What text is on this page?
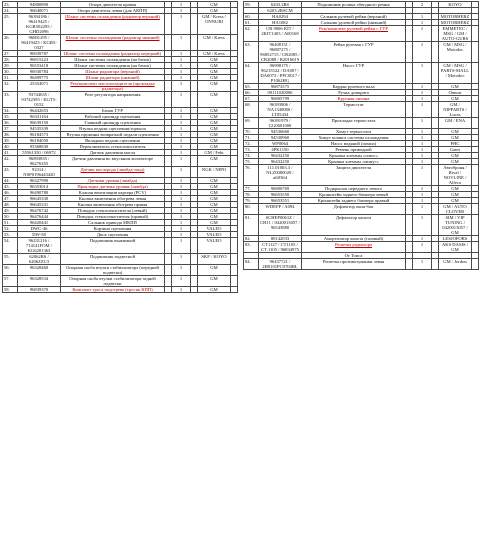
23.	94800890	Опора двигателя правая		1		GM	
24.	96640071	Опора двигателя левая (для АКПП)		1		GM	
25.	96394186 / 96419425 / KGR502295 / GHD2096	Шланг системы охлаждения (радиатор верхний)		1		GM / Kress / ONNURI	
26.	96801295 / 96419425 / KGR5-0327	Шланг системы охлаждения (радиатор нижний)		1		GM / Kress	
27.	96939787	Шланг системы охлаждения (радиатор передний)		1		GM / Kress	
28.	96815223	Шланг системы охлаждения (на бачок)		1		GM	
29.	96553418	Шланг системы охлаждения (на бачок)		1		GM	
30.	96930784	Шланг радиатора (верхний)		1		GM	
31.	96499775	Шланг радиатора (нижний)		1		GM	
32.	25354071	Рем/комплект маслоохладителя (прокладка радиатора)		1		GM	
33.	93744635 / 93742395 / KGT5-0152	Реле регулятора напряжения		1		GM	
34.	96442653	Бачок ГУР		1		GM	
35.	96331164	Рабочий цилиндр сцепления		1		GM	
36.	96639150	Главный цилиндр сцепления		1		GM	
37.	94535339	Втулка педали сцепления/тормоза		1		GM	
38.	96184573	Втулка пружины возвратной педали сцепления		1		GM	
39.	96184050	Вкладыш педали сцепления		1		GM	
40.	95368830	Переключатель стеклоочистителя		1		GM	
41.	55561350 / 06972	Датчик давления масла		1		GM / Febi	
42.	96893835 / 96276355	Датчик давления во впускном коллекторе		1		GM	
43.	92314 / NSP0196443420	Датчик кислорода (лямбда-зонд)		1		NGK / NIPO	
44.	96327990	Датчики уровня (лямбда)		1		GM	
45.	96353014	Прокладка датчика уровня (лямбда)		1		GM	
46.	96490780	Клапан вентиляции картера (PCV)		1		GM	
47.	96645330	Кнопка включения обогрева левая		1		GM	
48.	96645331	Кнопка включения обогрева правая		1		GM	
49.	96476742	Поводок стеклоочистителя (левый)		1		GM	
50.	96476444	Поводок стеклоочистителя (правый)		1		GM	
51.	96420441	Сальник привода МКПП		1		GM	
52.	DWC-46	Корзина сцепления		1		VALEO	
53.	DW-58	Диск сцепления		1		VALEO	
54.	96231216 / 714141FOM / KG6201363	Подшипник выжимной		1		VALEO	
55.	62062RS / 6206ZZC3	Подшипник подвесной		1		SKF / KOYO	
56.	96328460	Опорная скоба втулки стабилизатора (передней подвески)		1		GM	
57.	96328534	Опорная скоба втулки стабилизатора задней подвески		1		GM	
58.	96839370	Комплект троса подогрева (тросик КПП)		1		GM	
59.	6203.2RS	Подшипник ролика обводного ремня		2		KOYO	
	6203.2RSCM						
60.	HA0294	Сальник рулевой рейки (верхний)		1		MOTORHERZ	
61.	HA1082	Сальник рулевой рейки (нижний)		1		MOTORHERZ	
62.	CR 9006 KIT / 2KIT1403 / A00168	Рем/комплект рулевой рейки с ГУР		1		EMMETEC / MSG / GM / AUTO-GURS	
63.	96408151 / 96887275 / 96852715 / CR2085 / CR2088 / R2016019	Рейка рулевая с ГУР		1		GM / MSG / Motodoc	
64.	96998175 / 96215522 / DA007 / DA0073 / PPC0017 / P1062HG	Насос ГУР		1		GM / MSG / PARTS-MALL / Motodoc	
65.	96873575	Кардан рулевого вала		1		GM	
66.	09111020006	Ручка домкрата		1		Onnuri	
67.	96805799	Крупная личина		1		GM	
68.	96393806 / NA1340080 / LT05434	Термостат		1		GM / NIPPARTS / Lucas	
69.	96391979 / GG0601000	Прокладка термостата		1		GM / ENA	
70.	94536660	Хомут термостата		1		GM	
71.	94530960	Хомут шланга системы охлаждения		1		GM	
72.	WP0064	Насос водяной (помпа)		1		PHC	
73.	4PK1150	Ремень приводной		1		Gates	
74.	96432250	Крышка клеммы «плюс»		1		GM	
75.	96432250	Крышка клеммы «минус»		1		GM	
76.	111.01003.3 / NLZ0080020 / aft0364	Защита двигателя		1		Автоброня / Rival / NOVLINE / Alfeco	
77.	96800769	Подкрылок переднего левого		1		GM	
78.	96653550	Кронштейн заднего бампера левый		1		GM	
79.	96653551	Кронштейн заднего бампера правый		1		GM	
80.	WDEFP / A094	Дефлектор окон-бок		1		GM / AUTO CLOVER	
81.	SCHEP0061Z / CH11 / 0420013057 / 96543880	Дефлектор капота		1		SIM / VIP TUNING / 0420013057 / GM	
82.	80142033	Амортизатор капота (газовый)		1		LESJOFORS	
83.	CT1127 / CT1105 / CT 1105 / 96834975	Решетка радиатора		1		AKS DASIS / GM	
		От Тоиса					
84.	96437721 / 2H0101PC0704BL	Решетка противотуманки левая		1		GM / Jordon	
